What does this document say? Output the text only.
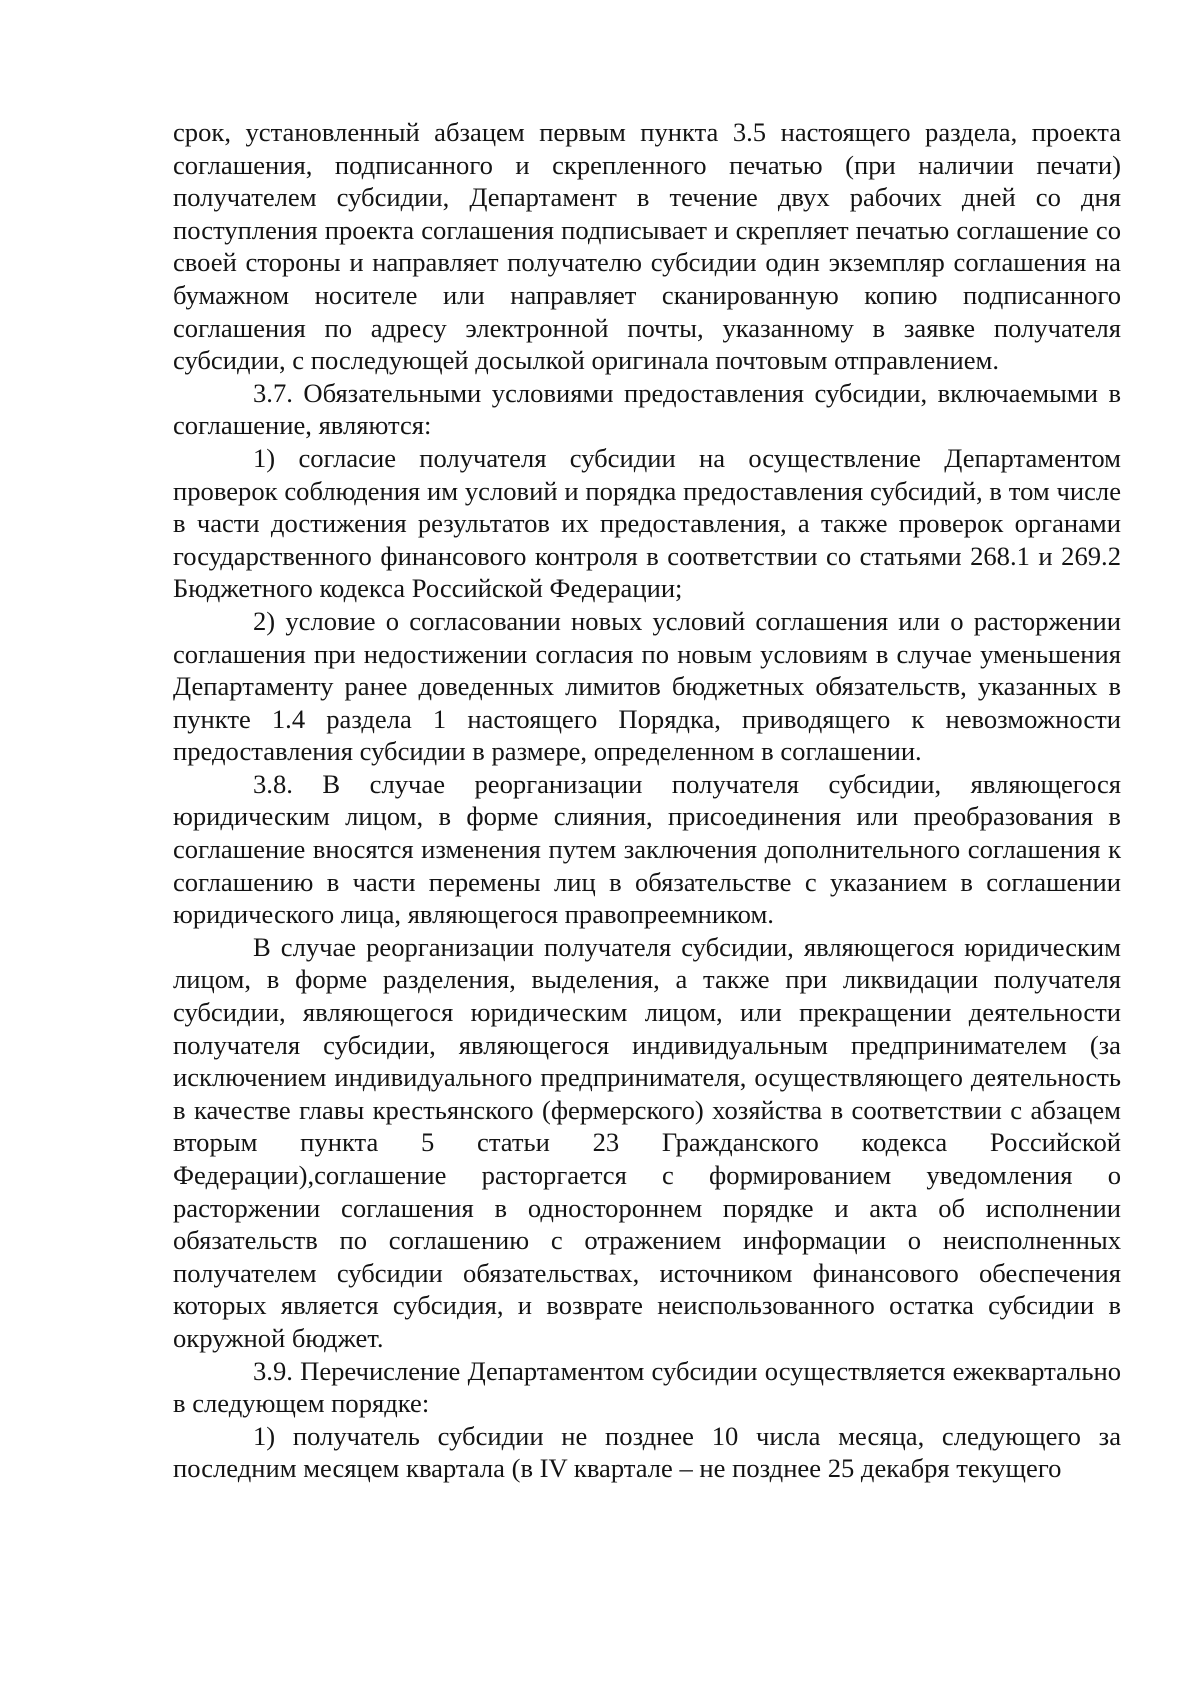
срок, установленный абзацем первым пункта 3.5 настоящего раздела, проекта соглашения, подписанного и скрепленного печатью (при наличии печати) получателем субсидии, Департамент в течение двух рабочих дней со дня поступления проекта соглашения подписывает и скрепляет печатью соглашение со своей стороны и направляет получателю субсидии один экземпляр соглашения на бумажном носителе или направляет сканированную копию подписанного соглашения по адресу электронной почты, указанному в заявке получателя субсидии, с последующей досылкой оригинала почтовым отправлением.

3.7. Обязательными условиями предоставления субсидии, включаемыми в соглашение, являются:

1) согласие получателя субсидии на осуществление Департаментом проверок соблюдения им условий и порядка предоставления субсидий, в том числе в части достижения результатов их предоставления, а также проверок органами государственного финансового контроля в соответствии со статьями 268.1 и 269.2 Бюджетного кодекса Российской Федерации;

2) условие о согласовании новых условий соглашения или о расторжении соглашения при недостижении согласия по новым условиям в случае уменьшения Департаменту ранее доведенных лимитов бюджетных обязательств, указанных в пункте 1.4 раздела 1 настоящего Порядка, приводящего к невозможности предоставления субсидии в размере, определенном в соглашении.

3.8. В случае реорганизации получателя субсидии, являющегося юридическим лицом, в форме слияния, присоединения или преобразования в соглашение вносятся изменения путем заключения дополнительного соглашения к соглашению в части перемены лиц в обязательстве с указанием в соглашении юридического лица, являющегося правопреемником.

В случае реорганизации получателя субсидии, являющегося юридическим лицом, в форме разделения, выделения, а также при ликвидации получателя субсидии, являющегося юридическим лицом, или прекращении деятельности получателя субсидии, являющегося индивидуальным предпринимателем (за исключением индивидуального предпринимателя, осуществляющего деятельность в качестве главы крестьянского (фермерского) хозяйства в соответствии с абзацем вторым пункта 5 статьи 23 Гражданского кодекса Российской Федерации),соглашение расторгается с формированием уведомления о расторжении соглашения в одностороннем порядке и акта об исполнении обязательств по соглашению с отражением информации о неисполненных получателем субсидии обязательствах, источником финансового обеспечения которых является субсидия, и возврате неиспользованного остатка субсидии в окружной бюджет.

3.9. Перечисление Департаментом субсидии осуществляется ежеквартально в следующем порядке:

1) получатель субсидии не позднее 10 числа месяца, следующего за последним месяцем квартала (в IV квартале – не позднее 25 декабря текущего
